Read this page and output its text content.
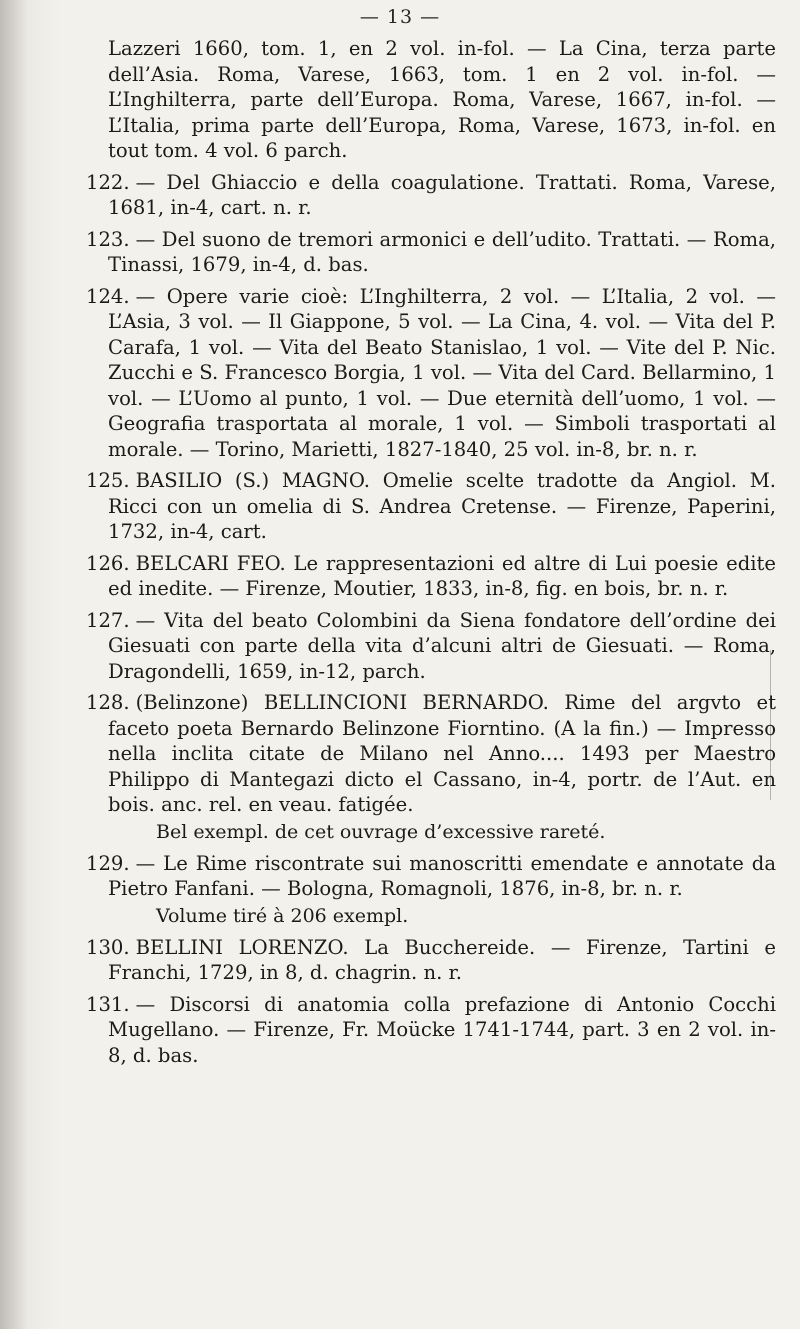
— 13 —

Lazzeri 1660, tom. 1, en 2 vol. in-fol. — La Cina, terza parte dell’Asia. Roma, Varese, 1663, tom. 1 en 2 vol. in-fol. — L’Inghilterra, parte dell’Europa. Roma, Varese, 1667, in-fol. — L’Italia, prima parte dell’Europa, Roma, Varese, 1673, in-fol. en tout tom. 4 vol. 6 parch.

122. — Del Ghiaccio e della coagulatione. Trattati. Roma, Varese, 1681, in-4, cart. n. r.

123. — Del suono de tremori armonici e dell’udito. Trattati. — Roma, Tinassi, 1679, in-4, d. bas.

124. — Opere varie cioè: L’Inghilterra, 2 vol. — L’Italia, 2 vol. — L’Asia, 3 vol. — Il Giappone, 5 vol. — La Cina, 4. vol. — Vita del P. Carafa, 1 vol. — Vita del Beato Stanislao, 1 vol. — Vite del P. Nic. Zucchi e S. Francesco Borgia, 1 vol. — Vita del Card. Bellarmino, 1 vol. — L’Uomo al punto, 1 vol. — Due eternità dell’uomo, 1 vol. — Geografia trasportata al morale, 1 vol. — Simboli trasportati al morale. — Torino, Marietti, 1827-1840, 25 vol. in-8, br. n. r.

125. BASILIO (S.) MAGNO. Omelie scelte tradotte da Angiol. M. Ricci con un omelia di S. Andrea Cretense. — Firenze, Paperini, 1732, in-4, cart.

126. BELCARI FEO. Le rappresentazioni ed altre di Lui poesie edite ed inedite. — Firenze, Moutier, 1833, in-8, fig. en bois, br. n. r.

127. — Vita del beato Colombini da Siena fondatore dell’ordine dei Giesuati con parte della vita d’alcuni altri de Giesuati. — Roma, Dragondelli, 1659, in-12, parch.

128. (Belinzone) BELLINCIONI BERNARDO. Rime del argvto et faceto poeta Bernardo Belinzone Fiorntino. (A la fin.) — Impresso nella inclita citate de Milano nel Anno.... 1493 per Maestro Philippo di Mantegazi dicto el Cassano, in-4, portr. de l’Aut. en bois. anc. rel. en veau. fatigée.

Bel exempl. de cet ouvrage d’excessive rareté.

129. — Le Rime riscontrate sui manoscritti emendate e annotate da Pietro Fanfani. — Bologna, Romagnoli, 1876, in-8, br. n. r.

Volume tiré à 206 exempl.

130. BELLINI LORENZO. La Bucchereide. — Firenze, Tartini e Franchi, 1729, in 8, d. chagrin. n. r.

131. — Discorsi di anatomia colla prefazione di Antonio Cocchi Mugellano. — Firenze, Fr. Moücke 1741-1744, part. 3 en 2 vol. in-8, d. bas.
